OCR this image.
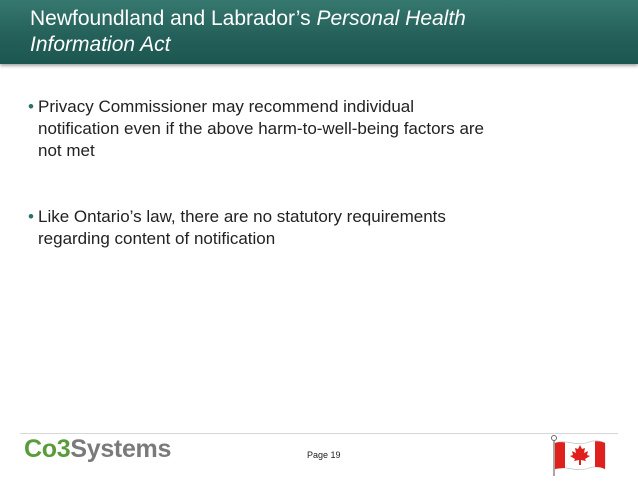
Newfoundland and Labrador’s Personal Health
Information Act
• Privacy Commissioner may recommend individual
notification even if the above harm-to-well-being factors are
not met
• Like Ontario’s law, there are no statutory requirements
regarding content of notification
Co3Systems	Page 19
